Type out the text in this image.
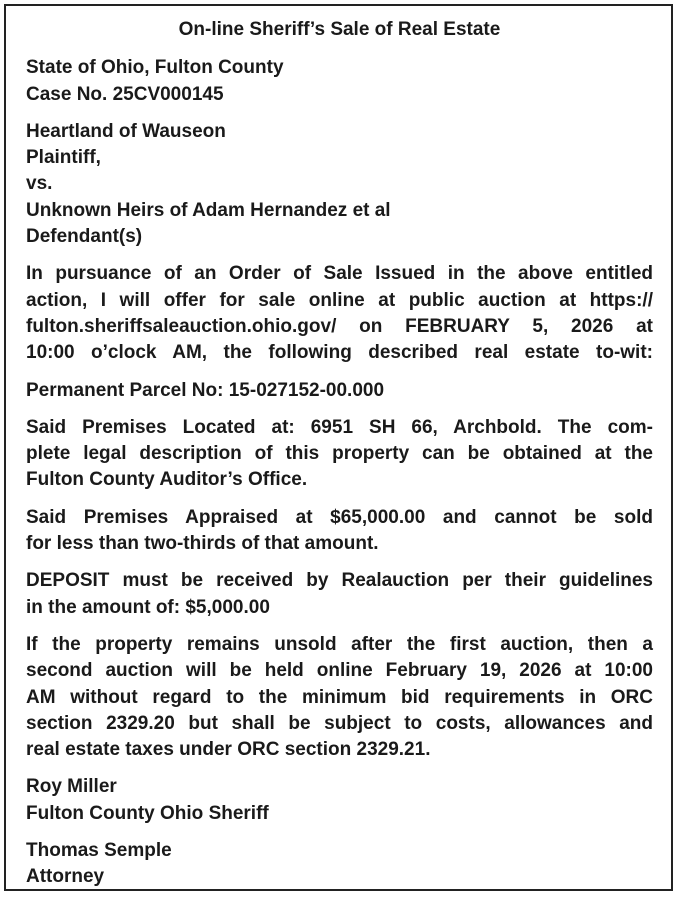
On-line Sheriff’s Sale of Real Estate
State of Ohio, Fulton County
Case No. 25CV000145
Heartland of Wauseon
Plaintiff,
vs.
Unknown Heirs of Adam Hernandez et al
Defendant(s)
In pursuance of an Order of Sale Issued in the above entitled
action, I will offer for sale online at public auction at https://
fulton.sheriffsaleauction.ohio.gov/ on FEBRUARY 5, 2026 at
10:00 o’clock AM, the following described real estate to-wit:
Permanent Parcel No: 15-027152-00.000
Said Premises Located at: 6951 SH 66, Archbold. The com-
plete legal description of this property can be obtained at the
Fulton County Auditor’s Office.
Said Premises Appraised at $65,000.00 and cannot be sold
for less than two-thirds of that amount.
DEPOSIT must be received by Realauction per their guidelines
in the amount of: $5,000.00
If the property remains unsold after the first auction, then a
second auction will be held online February 19, 2026 at 10:00
AM without regard to the minimum bid requirements in ORC
section 2329.20 but shall be subject to costs, allowances and
real estate taxes under ORC section 2329.21.
Roy Miller
Fulton County Ohio Sheriff
Thomas Semple
Attorney
